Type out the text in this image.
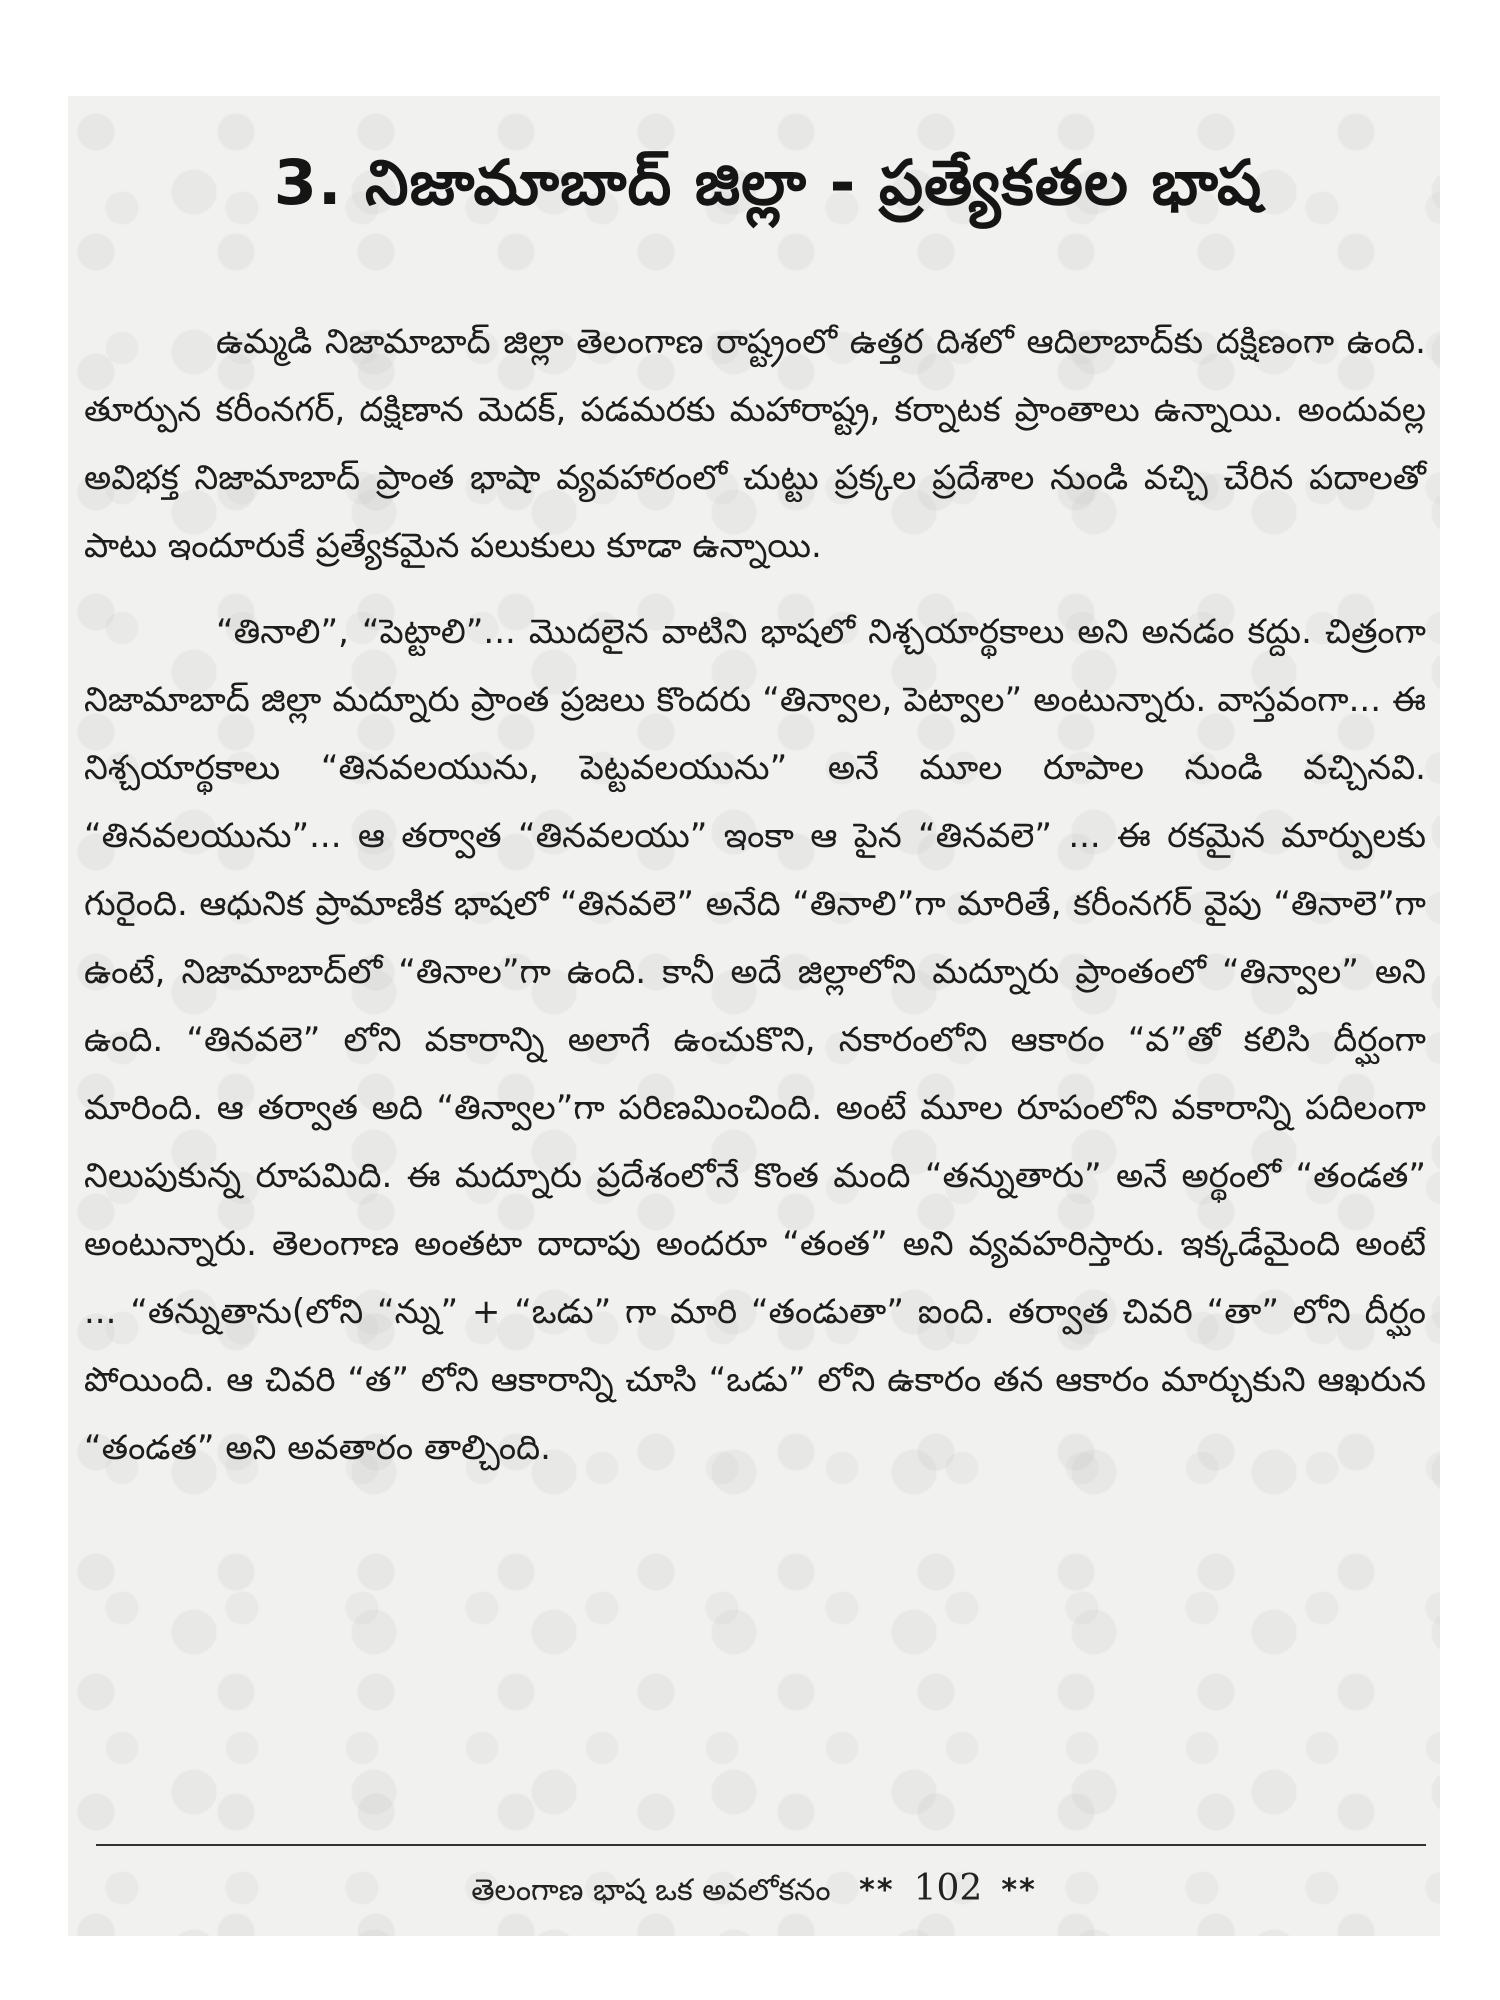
3. నిజామాబాద్ జిల్లా - ప్రత్యేకతల భాష

ఉమ్మడి నిజామాబాద్ జిల్లా తెలంగాణ రాష్ట్రంలో ఉత్తర దిశలో ఆదిలాబాద్‌కు దక్షిణంగా ఉంది. తూర్పున కరీంనగర్, దక్షిణాన మెదక్, పడమరకు మహారాష్ట్ర, కర్నాటక ప్రాంతాలు ఉన్నాయి. అందువల్ల అవిభక్త నిజామాబాద్ ప్రాంత భాషా వ్యవహారంలో చుట్టు ప్రక్కల ప్రదేశాల నుండి వచ్చి చేరిన పదాలతో పాటు ఇందూరుకే ప్రత్యేకమైన పలుకులు కూడా ఉన్నాయి.

“తినాలి”, “పెట్టాలి”... మొదలైన వాటిని భాషలో నిశ్చయార్థకాలు అని అనడం కద్దు. చిత్రంగా నిజామాబాద్ జిల్లా మద్నూరు ప్రాంత ప్రజలు కొందరు “తిన్వాల, పెట్వాల” అంటున్నారు. వాస్తవంగా... ఈ నిశ్చయార్థకాలు “తినవలయును, పెట్టవలయును” అనే మూల రూపాల నుండి వచ్చినవి. “తినవలయును”... ఆ తర్వాత “తినవలయు” ఇంకా ఆ పైన “తినవలె” ... ఈ రకమైన మార్పులకు గురైంది. ఆధునిక ప్రామాణిక భాషలో “తినవలె” అనేది “తినాలి”గా మారితే, కరీంనగర్ వైపు “తినాలె”గా ఉంటే, నిజామాబాద్‌లో “తినాల”గా ఉంది. కానీ అదే జిల్లాలోని మద్నూరు ప్రాంతంలో “తిన్వాల” అని ఉంది. “తినవలె” లోని వకారాన్ని అలాగే ఉంచుకొని, నకారంలోని ఆకారం “వ”తో కలిసి దీర్ఘంగా మారింది. ఆ తర్వాత అది “తిన్వాల”గా పరిణమించింది. అంటే మూల రూపంలోని వకారాన్ని పదిలంగా నిలుపుకున్న రూపమిది. ఈ మద్నూరు ప్రదేశంలోనే కొంత మంది “తన్నుతారు” అనే అర్థంలో “తండత” అంటున్నారు. తెలంగాణ అంతటా దాదాపు అందరూ “తంత” అని వ్యవహరిస్తారు. ఇక్కడేమైంది అంటే ... “తన్నుతాను(లోని “న్ను” + “ఒడు” గా మారి “తండుతా” ఐంది. తర్వాత చివరి “తా” లోని దీర్ఘం పోయింది. ఆ చివరి “త” లోని ఆకారాన్ని చూసి “ఒడు” లోని ఉకారం తన ఆకారం మార్చుకుని ఆఖరున “తండత” అని అవతారం తాల్చింది.

తెలంగాణ భాష ఒక అవలోకనం ** 102 **
